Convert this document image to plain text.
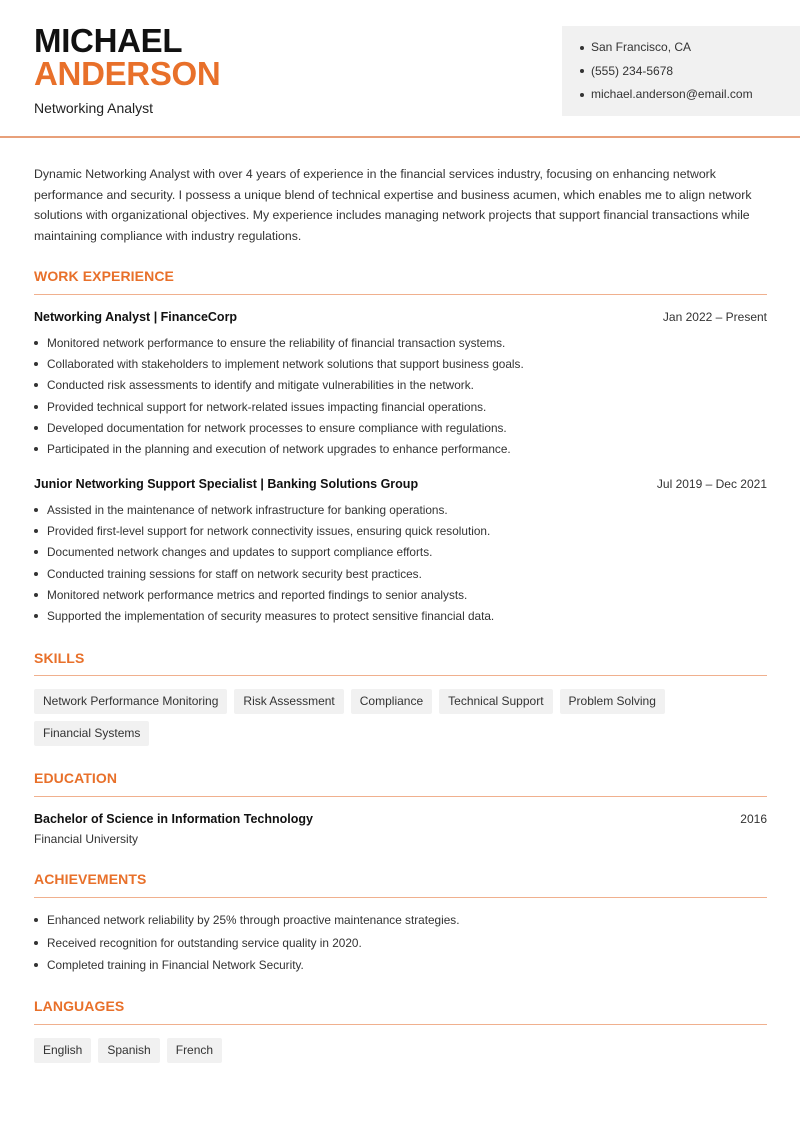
MICHAEL
ANDERSON
Networking Analyst
San Francisco, CA
(555) 234-5678
michael.anderson@email.com

Dynamic Networking Analyst with over 4 years of experience in the financial services industry, focusing on enhancing network performance and security. I possess a unique blend of technical expertise and business acumen, which enables me to align network solutions with organizational objectives. My experience includes managing network projects that support financial transactions while maintaining compliance with industry regulations.

WORK EXPERIENCE
Networking Analyst | FinanceCorp	Jan 2022 – Present
Monitored network performance to ensure the reliability of financial transaction systems.
Collaborated with stakeholders to implement network solutions that support business goals.
Conducted risk assessments to identify and mitigate vulnerabilities in the network.
Provided technical support for network-related issues impacting financial operations.
Developed documentation for network processes to ensure compliance with regulations.
Participated in the planning and execution of network upgrades to enhance performance.
Junior Networking Support Specialist | Banking Solutions Group	Jul 2019 – Dec 2021
Assisted in the maintenance of network infrastructure for banking operations.
Provided first-level support for network connectivity issues, ensuring quick resolution.
Documented network changes and updates to support compliance efforts.
Conducted training sessions for staff on network security best practices.
Monitored network performance metrics and reported findings to senior analysts.
Supported the implementation of security measures to protect sensitive financial data.
SKILLS
Network Performance Monitoring	Risk Assessment	Compliance	Technical Support	Problem Solving
Financial Systems
EDUCATION
Bachelor of Science in Information Technology	2016
Financial University
ACHIEVEMENTS
Enhanced network reliability by 25% through proactive maintenance strategies.
Received recognition for outstanding service quality in 2020.
Completed training in Financial Network Security.
LANGUAGES
English	Spanish	French
